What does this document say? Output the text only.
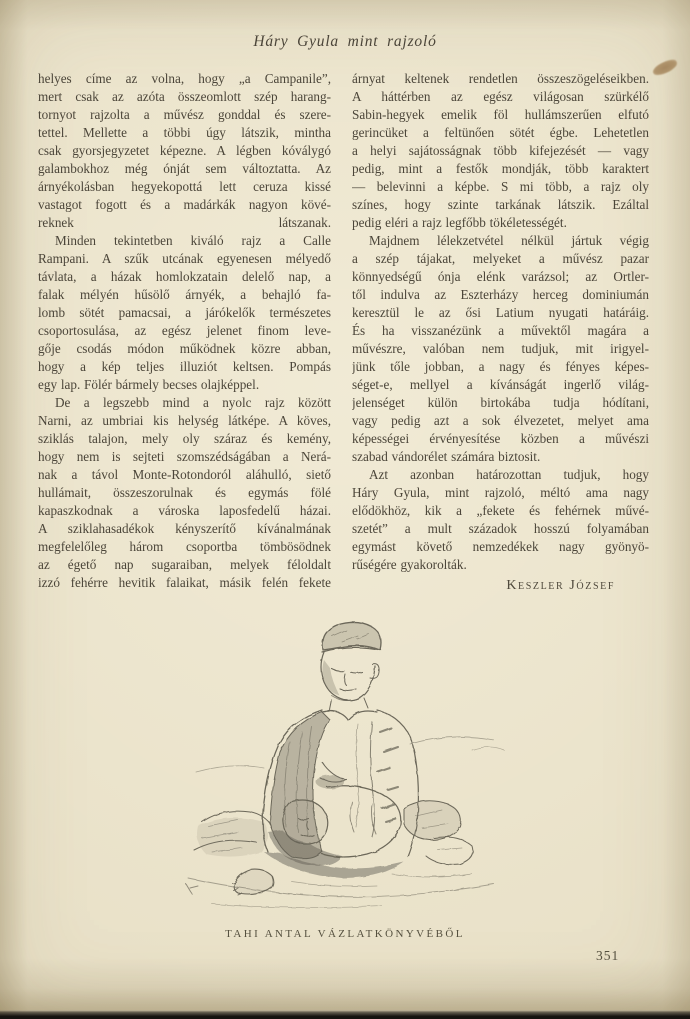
Háry Gyula mint rajzoló
helyes címe az volna, hogy „a Campanile”,
mert csak az azóta összeomlott szép harang-
tornyot rajzolta a művész gonddal és szere-
tettel. Mellette a többi úgy látszik, mintha
csak gyorsjegyzetet képezne. A légben kóválygó
galambokhoz még ónját sem változtatta. Az
árnyékolásban hegyekopottá lett ceruza kissé
vastagot fogott és a madárkák nagyon kövé-
reknek látszanak.
Minden tekintetben kiváló rajz a Calle
Rampani. A szűk utcának egyenesen mélyedő
távlata, a házak homlokzatain delelő nap, a
falak mélyén hűsölő árnyék, a behajló fa-
lomb sötét pamacsai, a járókelők természetes
csoportosulása, az egész jelenet finom leve-
gője csodás módon működnek közre abban,
hogy a kép teljes illuziót keltsen. Pompás
egy lap. Fölér bármely becses olajképpel.
De a legszebb mind a nyolc rajz között
Narni, az umbriai kis helység látképe. A köves,
sziklás talajon, mely oly száraz és kemény,
hogy nem is sejteti szomszédságában a Nerá-
nak a távol Monte-Rotondoról aláhulló, siető
hullámait, összeszorulnak és egymás fölé
kapaszkodnak a városka laposfedelű házai.
A sziklahasadékok kényszerítő kívánalmának
megfelelőleg három csoportba tömbösödnek
az égető nap sugaraiban, melyek féloldalt
izzó fehérre hevitik falaikat, másik felén fekete
árnyat keltenek rendetlen összeszögeléseikben.
A háttérben az egész világosan szürkélő
Sabin-hegyek emelik föl hullámszerűen elfutó
gerincüket a feltünően sötét égbe. Lehetetlen
a helyi sajátosságnak több kifejezését — vagy
pedig, mint a festők mondják, több karaktert
— belevinni a képbe. S mi több, a rajz oly
színes, hogy szinte tarkának látszik. Ezáltal
pedig eléri a rajz legfőbb tökéletességét.
Majdnem lélekzetvétel nélkül jártuk végig
a szép tájakat, melyeket a művész pazar
könnyedségű ónja elénk varázsol; az Ortler-
től indulva az Eszterházy herceg dominiumán
keresztül le az ősi Latium nyugati határáig.
És ha visszanézünk a művektől magára a
művészre, valóban nem tudjuk, mit irigyel-
jünk tőle jobban, a nagy és fényes képes-
séget-e, mellyel a kívánságát ingerlő világ-
jelenséget külön birtokába tudja hódítani,
vagy pedig azt a sok élvezetet, melyet ama
képességei érvényesítése közben a művészi
szabad vándorélet számára biztosit.
Azt azonban határozottan tudjuk, hogy
Háry Gyula, mint rajzoló, méltó ama nagy
elődökhöz, kik a „fekete és fehérnek művé-
szetét” a mult századok hosszú folyamában
egymást követő nemzedékek nagy gyönyö-
rűségére gyakorolták.
Keszler József
TAHI ANTAL VÁZLATKÖNYVÉBŐL
351
